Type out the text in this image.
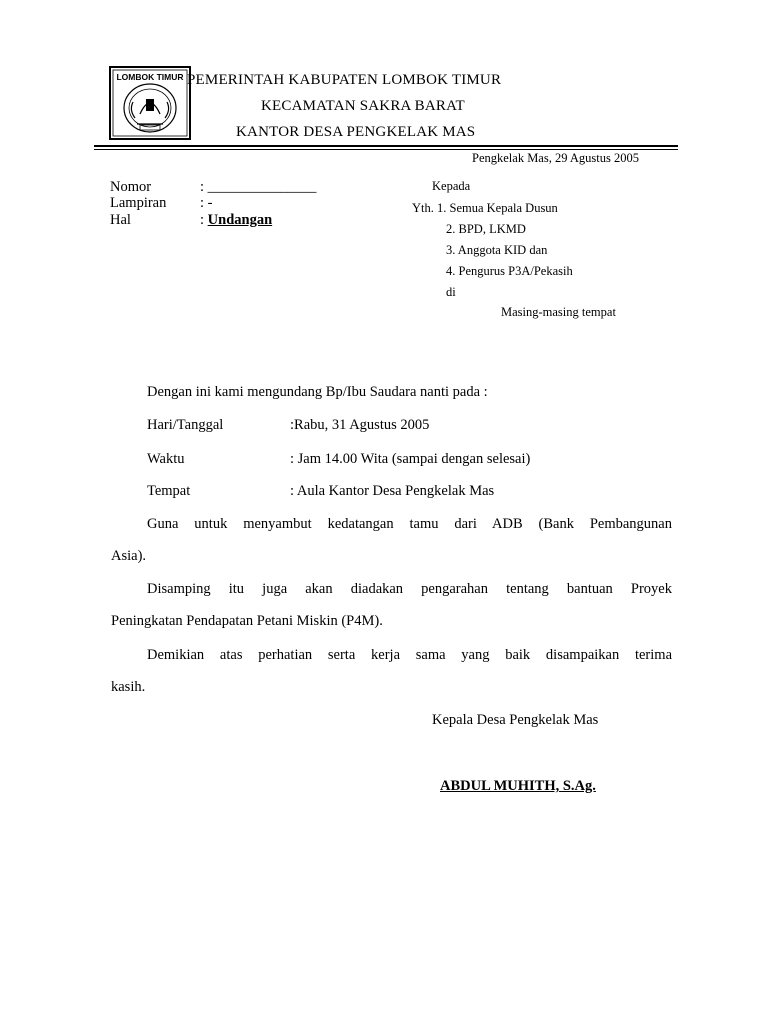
LOMBOK TIMUR PEMERINTAH KABUPATEN LOMBOK TIMUR
KECAMATAN SAKRA BARAT
KANTOR DESA PENGKELAK MAS
Pengkelak Mas, 29 Agustus 2005
Nomor	: _______________
Lampiran : -
Hal	: Undangan
Kepada
Yth. 1. Semua Kepala Dusun
2. BPD, LKMD
3. Anggota KID dan
4. Pengurus P3A/Pekasih
di
Masing-masing tempat
Dengan ini kami mengundang Bp/Ibu Saudara nanti pada :
Hari/Tanggal	:Rabu, 31 Agustus 2005
Waktu	: Jam 14.00 Wita (sampai dengan selesai)
Tempat	: Aula Kantor Desa Pengkelak Mas
Guna untuk menyambut kedatangan tamu dari ADB (Bank Pembangunan
Asia).
Disamping itu juga akan diadakan pengarahan tentang bantuan Proyek
Peningkatan Pendapatan Petani Miskin (P4M).
Demikian atas perhatian serta kerja sama yang baik disampaikan terima
kasih.
Kepala Desa Pengkelak Mas
ABDUL MUHITH, S.Ag.
